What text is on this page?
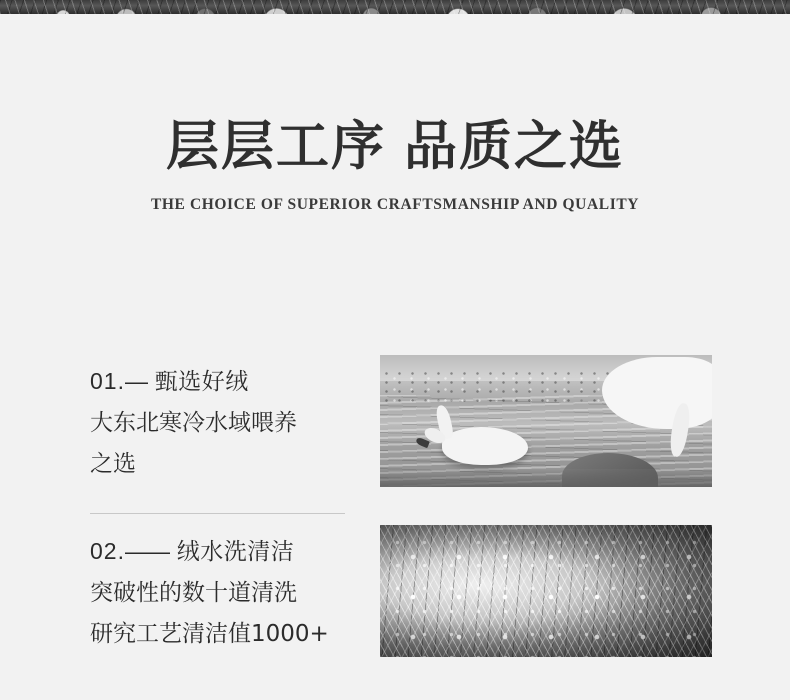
层层工序 品质之选
THE CHOICE OF SUPERIOR CRAFTSMANSHIP AND QUALITY
01.— 甄选好绒
大东北寒冷水域喂养
之选
02.—— 绒水洗清洁
突破性的数十道清洗
研究工艺清洁值1000+
